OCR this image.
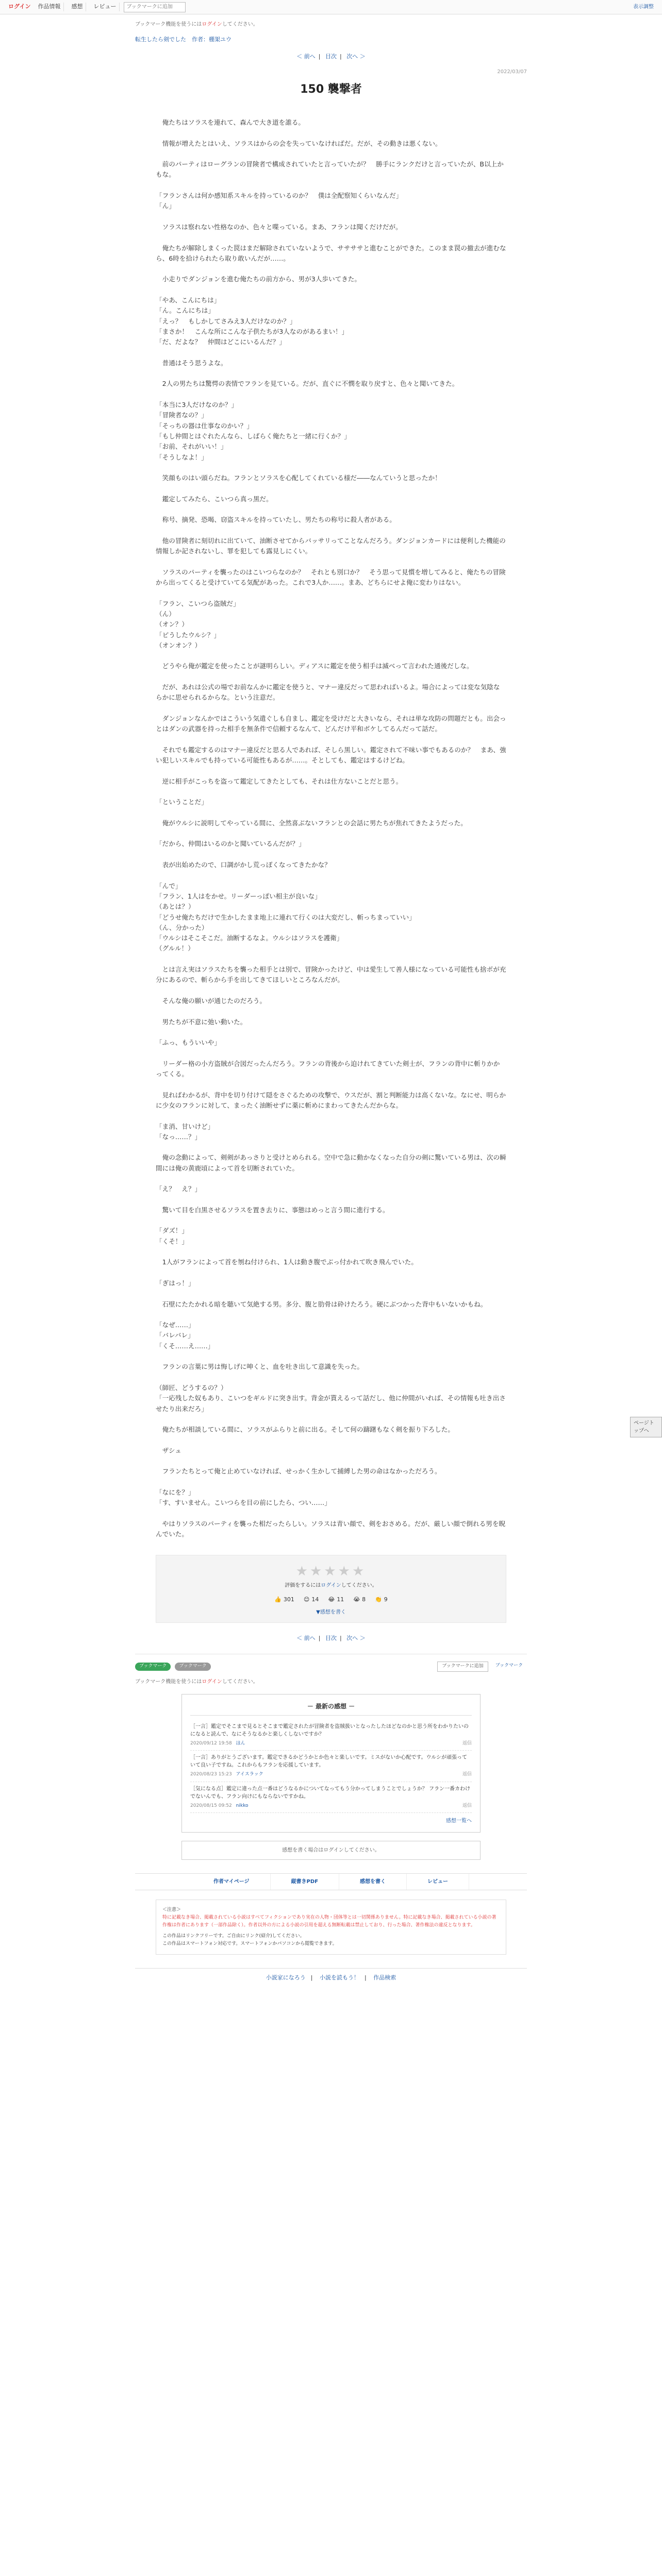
ログイン	作品情報	感想	レビュー
ブックマークに追加	表示調整
ブックマーク機能を使うにはログインしてください。
転生したら剣でした　作者：棚架ユウ
＜ 前へ | 目次 | 次へ ＞
2022/03/07
150 襲撃者

　俺たちはソラスを連れて、森んで大き道を誰る。

　情報が増えたとはいえ、ソラスはからの会を失っていなければだ。だが、その動きは悪くない。

　前のパーティはローグランの冒険者で構成されていたと言っていたが？　勝手にランクだけと言っていたが、B以上かもな。

「フランさんは何か感知系スキルを持っているのか？　僕は全配察知くらいなんだ」

「ん」

　ソラスは察れない性格なのか、色々と喋っている。まあ、フランは聞くだけだが。

　俺たちが解除しまくった罠はまだ解除されていないようで、ササササと進むことができた。このまま罠の撤去が進むなら、6時を拾けられたら取り敢いんだが……。

　小走りでダンジョンを進む俺たちの前方から、男が3人歩いてきた。

「やあ、こんにちは」

「ん。こんにちは」

「えっ？　もしかしてさみえ3人だけなのか？」

「まさか！　こんな所にこんな子供たちが3人なのがあるまい！」

「だ、だよな？　仲間はどこにいるんだ？」

　普通はそう思うよな。

　2人の男たちは驚愕の表情でフランを見ている。だが、直ぐに不憫を取り戻すと、色々と聞いてきた。

「本当に3人だけなのか？」

「冒険者なの？」

「そっちの器は仕事なのかい？」

「もし仲間とはぐれたんなら、しばらく俺たちと一緒に行くか？」

「お前、それがいい！」

「そうしなよ！」

　笑顔ものはい頭らだね。フランとソラスを心配してくれている様だ――なんていうと思ったか！

　鑑定してみたら、こいつら真っ黒だ。

　称号、摘発、恐喝、窃盗スキルを持っていたし、男たちの称号に殺人者がある。

　他の冒険者に刻切れに出ていて、油断させてからバッサリってことなんだろう。ダンジョンカードには便利した機能の情報しか記されないし、罪を犯しても露見しにくい。

　ソラスのパーティを襲ったのはこいつらなのか？　それとも別口か？　そう思って見慣を増してみると、俺たちの冒険から出ってくると受けていてる気配があった。これで3人か……。まあ、どちらにせよ俺に変わりはない。

「フラン、こいつら盗賊だ」

（ん）

（オン？）

「ピうしたウルシ？」

（オンオン？）

　どうやら俺が鑑定を使ったことが謎明らしい。ディアスに鑑定を使う相手は滅べって言われた通後だしな。

　だが、あれは公式の場でお前なんかに鑑定を使うと、マナー違反だって思わればいるよ。場合によっては変な気陰ならかに思せられるからな。という注意だ。

　ダンジョンなんかではこういう気遣ぐしも自まし、鑑定を受けだと大きいなら、それは単な攻防の問題だとも。出会っとはダンの武器を持った相手を無条件で信頼するなんて、どんだけ平和ボケしてるんだって話だ。

　それでも鑑定するのはマナー違反だと思る人であれば、そしら黒しい。鑑定されて不味い事でもあるのか？　まあ、強い犯しいスキルでも持っている可能性もあるが……。そとしても、鑑定はするけどね。

　逆に相手がこっちを盗って鑑定してきたとしても、それは仕方ないことだと思う。

「ということだ」

　俺がウルシに説明してやっている間に、全然喜ぶないフランとの会話に男たちが焦れてきたようだった。

「だから、仲間はいるのかと聞いているんだが？」

　表が出始めたので、口調がかし荒っぽくなってきたかな？

「んで」

「フラン、1人はをかせ。リーダーっぽい相主が良いな」

（あとは？）

「どうせ俺たちだけで生かしたまま地上に連れて行くのは大変だし、斬っちまっていい」

（ん、分かった）

「ウルシはそこそこだ。油断するなよ。ウルシはソラスを護衛」

（グルル！）

　とは言え実はソラスたちを襲った相手とは別で、冒険かったけど、中は愛生して善人様になっている可能性も捨ボが充分にあるので、斬らから手を出してきてほしいところなんだが。

　そんな俺の願いが通じたのだろう。

　男たちが不意に弛い動いた。

「ふっ、もういいや」

　リーダー格の小方盗賊が合図だったんだろう。フランの背後から迫けれてきていた剣士が、フランの背中に斬りかかってくる。

　見ればわかるが、背中を切り付けて隠をさぐるための攻撃で、ウスだが、割と判断能力は高くないな。なにせ、明らかに少女のフランに対して、まったく油断せずに薬に斬めにまわってきたんだからな。

「ま消、甘いけど」

「なっ……？」

　俺の念動によって、剣剣があっさりと受けとめられる。空中で急に動かなくなった自分の剣に驚いている男は、次の瞬間には俺の黄鹿頃によって首を切断されていた。

「え？　え？」

　驚いて目を白黒させるソラスを置き去りに、事態はめっと言う間に進行する。

「ダズ！」

「くそ！」

　1人がフランによって首を刎ね付けられ、1人は動き腹でぶっ付かれて吹き飛んでいた。

「ぎはっ！」

　石壁にたたかれる暗を聴いて気絶する男。多分、腹と肋骨は砕けたろう。硬にぶつかった背中もいないかもね。

「なぜ……」

「バレバレ」

「くそ……え……」

　フランの言葉に男は悔しげに呻くと、血を吐き出して意識を失った。

（師匠、どうするの？）

「一応残した奴もあり、こいつをギルドに突き出す。背金が貰えるって話だし、他に仲間がいれば、その情報も吐き出させたり出来だろ」

　俺たちが相談している間に、ソラスがふらりと前に出る。そして何の躊躇もなく剣を振り下ろした。

　ザシュ

　フランたちとって俺と止めていなければ、せっかく生かして捕縛した男の命はなかっただろう。

「なにを？」

「す、すいません。こいつらを目の前にしたら、つい……」

　やはりソラスのパーティを襲った相だったらしい。ソラスは青い顔で、剣をおさめる。だが、厳しい顔で倒れる男を睨んでいた。

★★★★★
評価をするにはログインしてください。
👍 301 😊 14 😂 11 😭 8 👏 9
▼感想を書く
＜ 前へ | 目次 | 次へ ＞
ブックマーク	ブックマーク	ブックマークに追加	ブックマーク
ブックマーク機能を使うにはログインしてください。
－ 最新の感想 －
［一言］鑑定でそこまで見るとそこまで鑑定されたが冒険者を盗賊扱いとなったしたほどなのかと思う所をわかりたいのになると読んで、なにそうなるかと楽しくしないですか？
2020/09/12 19:58 ほん	返信
［一言］ありがとうございます。鑑定できるかどうかとか色々と楽しいです。ミスがないか心配です。ウルシが頑張っていて良い子ですね。これからもフランを応援しています。
2020/08/23 15:23 アイスラック	返信
［気になる点］鑑定に違った点一番はどうなるかについてなってもう分かってしまうことでしょうか？ フラン一番カわけでないんでも、フラン向けにもならないですかね。
2020/08/15 09:52 nikko	返信
感想一覧へ
感想を書く場合はログインしてください。
作者マイページ	縦書きPDF	感想を書く	レビュー
＜注意＞
特に記載なき場合、掲載されている小説はすべてフィクションであり実在の人物・団体等とは一切関係ありません。特に記載なき場合、掲載されている小説の著作権は作者にあります（一部作品除く）。作者以外の方による小説の引用を超える無断転載は禁止しており、行った場合、著作権法の違反となります。
この作品はリンクフリーです。ご自由にリンク(紹介)してください。
この作品はスマートフォン対応です。スマートフォンかパソコンから閲覧できます。
小説家になろう | 小説を読もう！ | 作品検索
ページトップへ
